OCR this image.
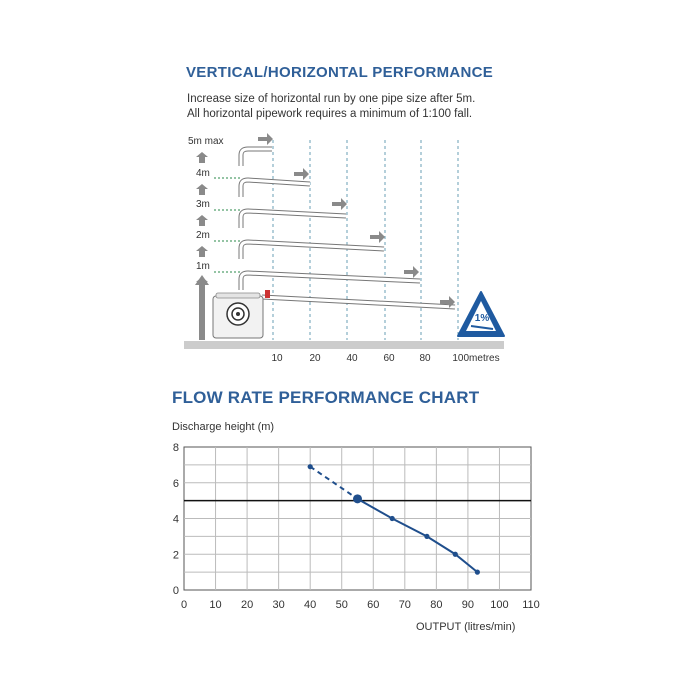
VERTICAL/HORIZONTAL PERFORMANCE

Increase size of horizontal run by one pipe size after 5m.

All horizontal pipework requires a minimum of 1:100 fall.

5m max
4m
3m
2m
1m
10	20	40	60 80 100metres
1%
0 10 20 30 40 50 60 70 80 90 100 110
0
2
4
6
8
FLOW RATE PERFORMANCE CHART

Discharge height (m)

OUTPUT (litres/min)
